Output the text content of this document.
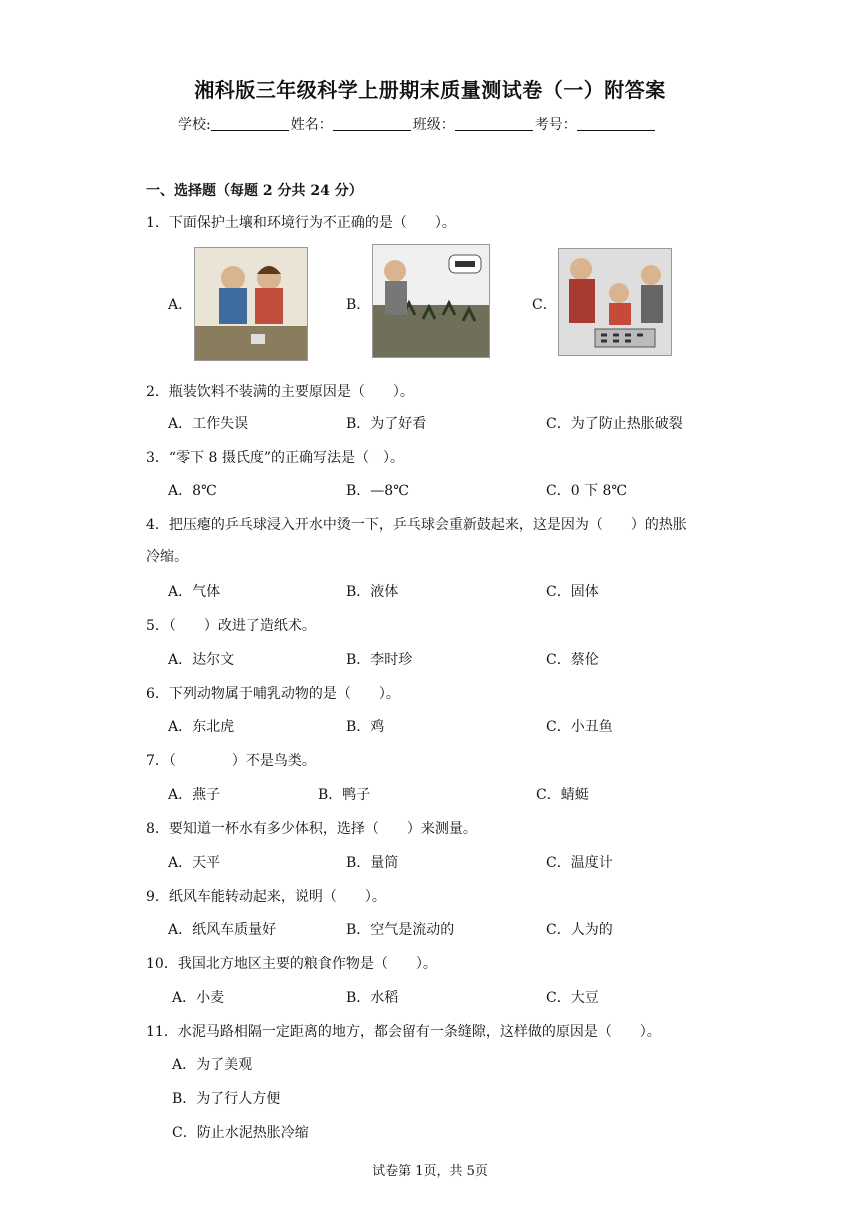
湘科版三年级科学上册期末质量测试卷（一）附答案
学校:	姓名：	班级：	考号：
一、选择题（每题 2 分共 24 分）
1．下面保护土壤和环境行为不正确的是（　　）。
A．	B．	C．
2．瓶装饮料不装满的主要原因是（　　）。
A．工作失误	B．为了好看	C．为了防止热胀破裂
3．“零下 8 摄氏度”的正确写法是（　）。
A．8℃	B．—8℃	C．0 下 8℃
4．把压瘪的乒乓球浸入开水中烫一下，乒乓球会重新鼓起来，这是因为（　　）的热胀
冷缩。
A．气体	B．液体	C．固体
5．（　　）改进了造纸术。
A．达尔文	B．李时珍	C．蔡伦
6．下列动物属于哺乳动物的是（　　）。
A．东北虎	B．鸡	C．小丑鱼
7．（　　　　）不是鸟类。
A．燕子	B．鸭子	C．蜻蜓
8．要知道一杯水有多少体积，选择（　　）来测量。
A．天平	B．量筒	C．温度计
9．纸风车能转动起来，说明（　　）。
A．纸风车质量好	B．空气是流动的	C．人为的
10．我国北方地区主要的粮食作物是（　　）。
A．小麦	B．水稻	C．大豆
11．水泥马路相隔一定距离的地方，都会留有一条缝隙，这样做的原因是（　　）。
A．为了美观
B．为了行人方便
C．防止水泥热胀冷缩
试卷第 1页，共 5页
